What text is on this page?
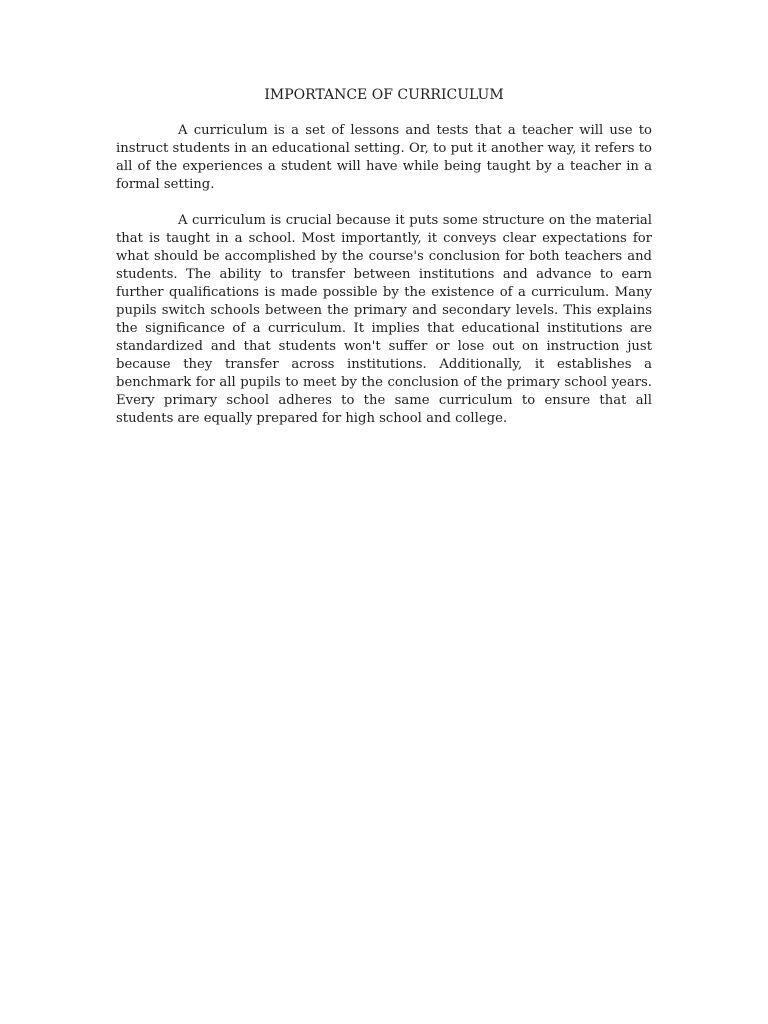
IMPORTANCE OF CURRICULUM

A curriculum is a set of lessons and tests that a teacher will use to instruct students in an educational setting. Or, to put it another way, it refers to all of the experiences a student will have while being taught by a teacher in a formal setting.

A curriculum is crucial because it puts some structure on the material that is taught in a school. Most importantly, it conveys clear expectations for what should be accomplished by the course's conclusion for both teachers and students. The ability to transfer between institutions and advance to earn further qualifications is made possible by the existence of a curriculum. Many pupils switch schools between the primary and secondary levels. This explains the significance of a curriculum. It implies that educational institutions are standardized and that students won't suffer or lose out on instruction just because they transfer across institutions. Additionally, it establishes a benchmark for all pupils to meet by the conclusion of the primary school years. Every primary school adheres to the same curriculum to ensure that all students are equally prepared for high school and college.
